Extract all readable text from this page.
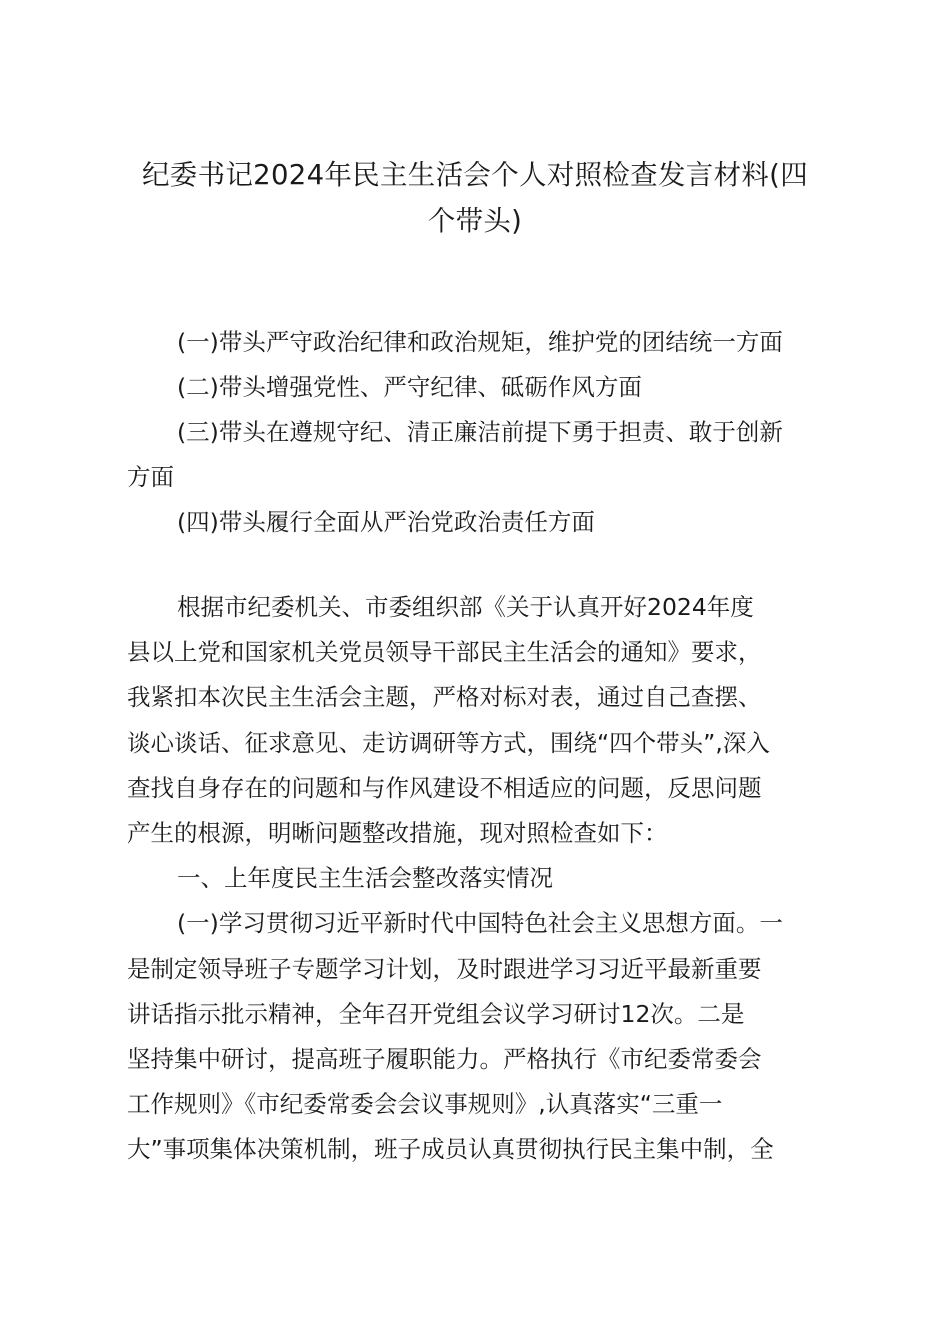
纪委书记2024年民主生活会个人对照检查发言材料(四
个带头)
(一)带头严守政治纪律和政治规矩，维护党的团结统一方面
(二)带头增强党性、严守纪律、砥砺作风方面
(三)带头在遵规守纪、清正廉洁前提下勇于担责、敢于创新
方面
(四)带头履行全面从严治党政治责任方面
根据市纪委机关、市委组织部《关于认真开好2024年度
县以上党和国家机关党员领导干部民主生活会的通知》要求，
我紧扣本次民主生活会主题，严格对标对表，通过自己查摆、
谈心谈话、征求意见、走访调研等方式，围绕“四个带头”,深入
查找自身存在的问题和与作风建设不相适应的问题，反思问题
产生的根源，明晰问题整改措施，现对照检查如下：
一、上年度民主生活会整改落实情况
(一)学习贯彻习近平新时代中国特色社会主义思想方面。一
是制定领导班子专题学习计划，及时跟进学习习近平最新重要
讲话指示批示精神，全年召开党组会议学习研讨12次。二是
坚持集中研讨，提高班子履职能力。严格执行《市纪委常委会
工作规则》《市纪委常委会会议事规则》,认真落实“三重一
大”事项集体决策机制，班子成员认真贯彻执行民主集中制，全
